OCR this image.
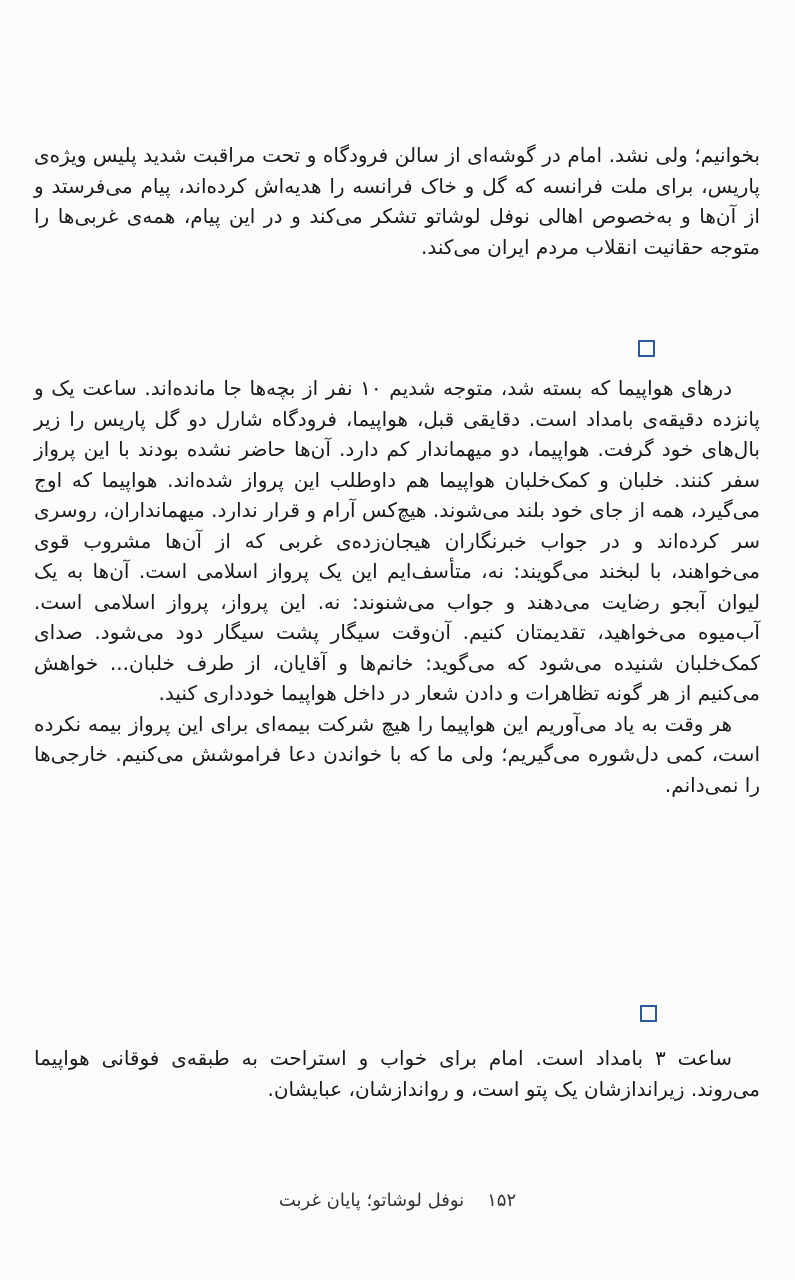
بخوانیم؛ ولی نشد. امام در گوشه‌ای از سالن فرودگاه و تحت مراقبت شدید پلیس ویژه‌ی پاریس، برای ملت فرانسه که گل و خاک فرانسه را هدیه‌اش کرده‌اند، پیام می‌فرستد و از آن‌ها و به‌خصوص اهالی نوفل لوشاتو تشکر می‌کند و در این پیام، همه‌ی غربی‌ها را متوجه حقانیت انقلاب مردم ایران می‌کند.

درهای هواپیما که بسته شد، متوجه شدیم ۱۰ نفر از بچه‌ها جا مانده‌اند. ساعت یک و پانزده دقیقه‌ی بامداد است. دقایقی قبل، هواپیما، فرودگاه شارل دو گل پاریس را زیر بال‌های خود گرفت. هواپیما، دو میهماندار کم دارد. آن‌ها حاضر نشده بودند با این پرواز سفر کنند. خلبان و کمک‌خلبان هواپیما هم داوطلب این پرواز شده‌اند. هواپیما که اوج می‌گیرد، همه از جای خود بلند می‌شوند. هیچ‌کس آرام و قرار ندارد. میهمانداران، روسری سر کرده‌اند و در جواب خبرنگاران هیجان‌زده‌ی غربی که از آن‌ها مشروب قوی می‌خواهند، با لبخند می‌گویند: نه، متأسف‌ایم این یک پرواز اسلامی است. آن‌ها به یک لیوان آبجو رضایت می‌دهند و جواب می‌شنوند: نه. این پرواز، پرواز اسلامی است. آب‌میوه می‌خواهید، تقدیمتان کنیم. آن‌وقت سیگار پشت سیگار دود می‌شود. صدای کمک‌خلبان شنیده می‌شود که می‌گوید: خانم‌ها و آقایان، از طرف خلبان... خواهش می‌کنیم از هر گونه تظاهرات و دادن شعار در داخل هواپیما خودداری کنید.

هر وقت به یاد می‌آوریم این هواپیما را هیچ شرکت بیمه‌ای برای این پرواز بیمه نکرده است، کمی دل‌شوره می‌گیریم؛ ولی ما که با خواندن دعا فراموشش می‌کنیم. خارجی‌ها را نمی‌دانم.

ساعت ۳ بامداد است. امام برای خواب و استراحت به طبقه‌ی فوقانی هواپیما می‌روند. زیراندازشان یک پتو است، و روانداز‌شان، عبایشان.

۱۵۲    نوفل لوشاتو؛ پایان غربت
